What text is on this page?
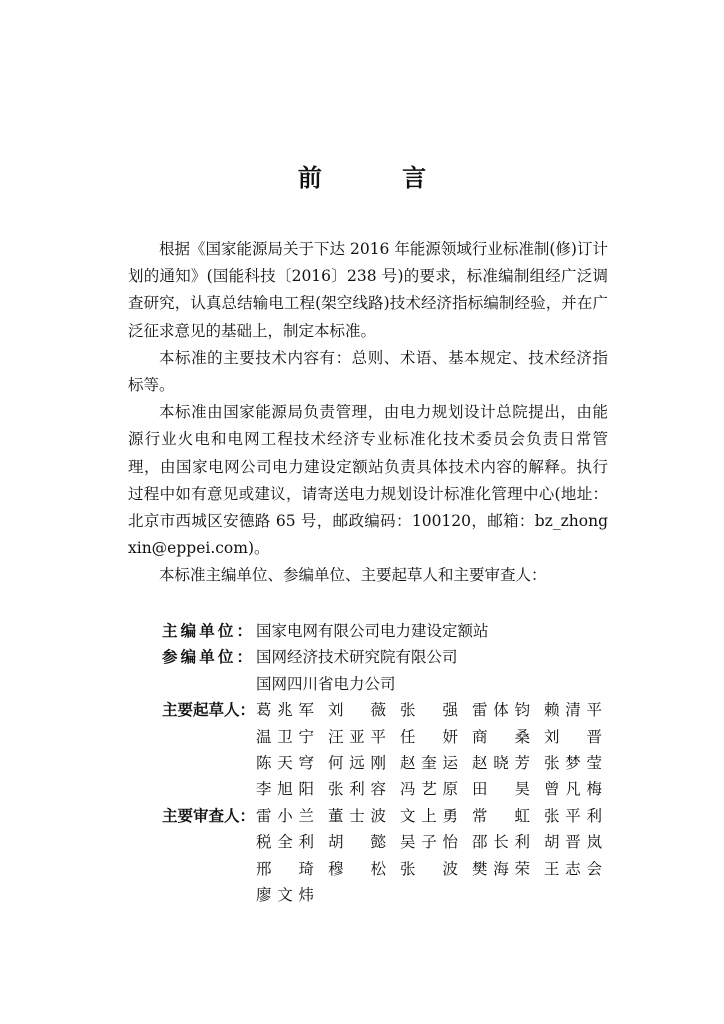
前 言

根据《国家能源局关于下达 2016 年能源领域行业标准制(修)订计划的通知》(国能科技〔2016〕238 号)的要求，标准编制组经广泛调查研究，认真总结输电工程(架空线路)技术经济指标编制经验，并在广泛征求意见的基础上，制定本标准。

本标准的主要技术内容有：总则、术语、基本规定、技术经济指标等。

本标准由国家能源局负责管理，由电力规划设计总院提出，由能源行业火电和电网工程技术经济专业标准化技术委员会负责日常管理，由国家电网公司电力建设定额站负责具体技术内容的解释。执行过程中如有意见或建议，请寄送电力规划设计标准化管理中心(地址：北京市西城区安德路 65 号，邮政编码：100120，邮箱：bz_zhongxin@eppei.com)。

本标准主编单位、参编单位、主要起草人和主要审查人：

主编单位： 国家电网有限公司电力建设定额站
参编单位： 国网经济技术研究院有限公司
国网四川省电力公司
主要起草人： 葛兆军 刘　薇 张　强 雷体钧 赖清平
温卫宁 汪亚平 任　妍 商　桑 刘　晋
陈天穹 何远刚 赵奎运 赵晓芳 张梦莹
李旭阳 张利容 冯艺原 田　昊 曾凡梅
主要审查人： 雷小兰 董士波 文上勇 常　虹 张平利
税全利 胡　懿 吴子怡 邵长利 胡晋岚
邢　琦 穆　松 张　波 樊海荣 王志会
廖文炜
